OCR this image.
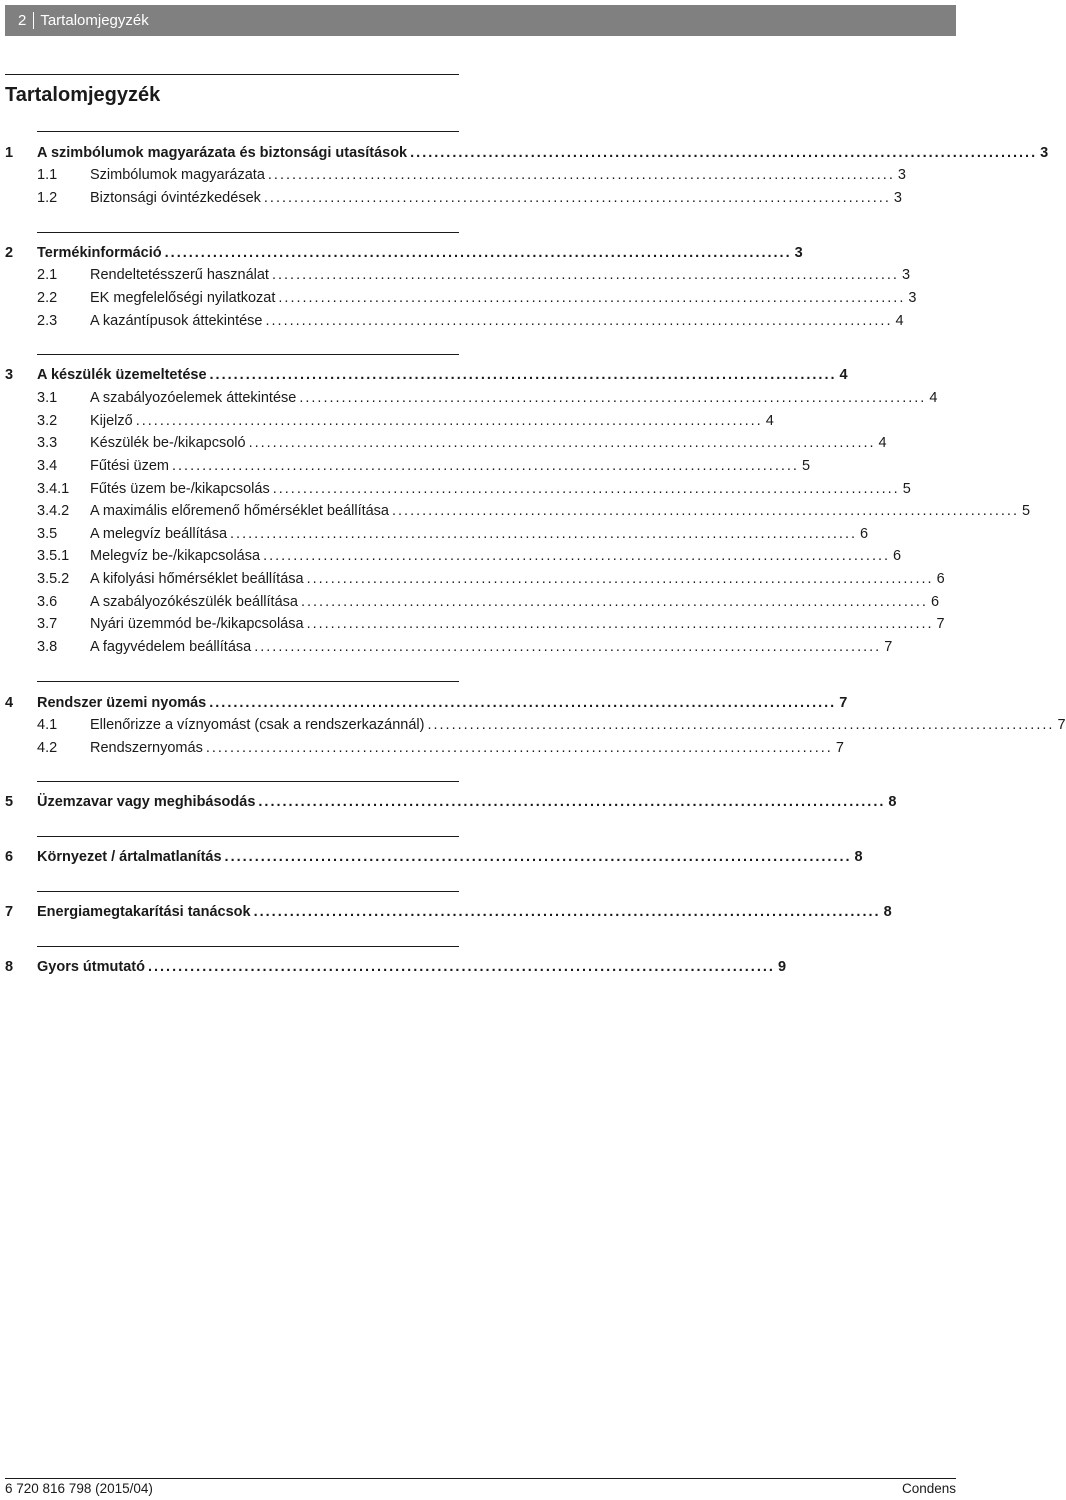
2 Tartalomjegyzék
Tartalomjegyzék
1 A szimbólumok magyarázata és biztonsági utasítások ........................................................................................................ 3
1.1 Szimbólumok magyarázata ........................................................................................................ 3
1.2 Biztonsági óvintézkedések ........................................................................................................ 3
2 Termékinformáció ........................................................................................................ 3
2.1 Rendeltetésszerű használat ........................................................................................................ 3
2.2 EK megfelelőségi nyilatkozat ........................................................................................................ 3
2.3 A kazántípusok áttekintése ........................................................................................................ 4
3 A készülék üzemeltetése ........................................................................................................ 4
3.1 A szabályozóelemek áttekintése ........................................................................................................ 4
3.2 Kijelző ........................................................................................................ 4
3.3 Készülék be-/kikapcsoló ........................................................................................................ 4
3.4 Fűtési üzem ........................................................................................................ 5
3.4.1 Fűtés üzem be-/kikapcsolás ........................................................................................................ 5
3.4.2 A maximális előremenő hőmérséklet beállítása ........................................................................................................ 5
3.5 A melegvíz beállítása ........................................................................................................ 6
3.5.1 Melegvíz be-/kikapcsolása ........................................................................................................ 6
3.5.2 A kifolyási hőmérséklet beállítása ........................................................................................................ 6
3.6 A szabályozókészülék beállítása ........................................................................................................ 6
3.7 Nyári üzemmód be-/kikapcsolása ........................................................................................................ 7
3.8 A fagyvédelem beállítása ........................................................................................................ 7
4 Rendszer üzemi nyomás ........................................................................................................ 7
4.1 Ellenőrizze a víznyomást (csak a rendszerkazánnál) ........................................................................................................ 7
4.2 Rendszernyomás ........................................................................................................ 7
5 Üzemzavar vagy meghibásodás ........................................................................................................ 8
6 Környezet / ártalmatlanítás ........................................................................................................ 8
7 Energiamegtakarítási tanácsok ........................................................................................................ 8
8 Gyors útmutató ........................................................................................................ 9
6 720 816 798 (2015/04)	Condens
